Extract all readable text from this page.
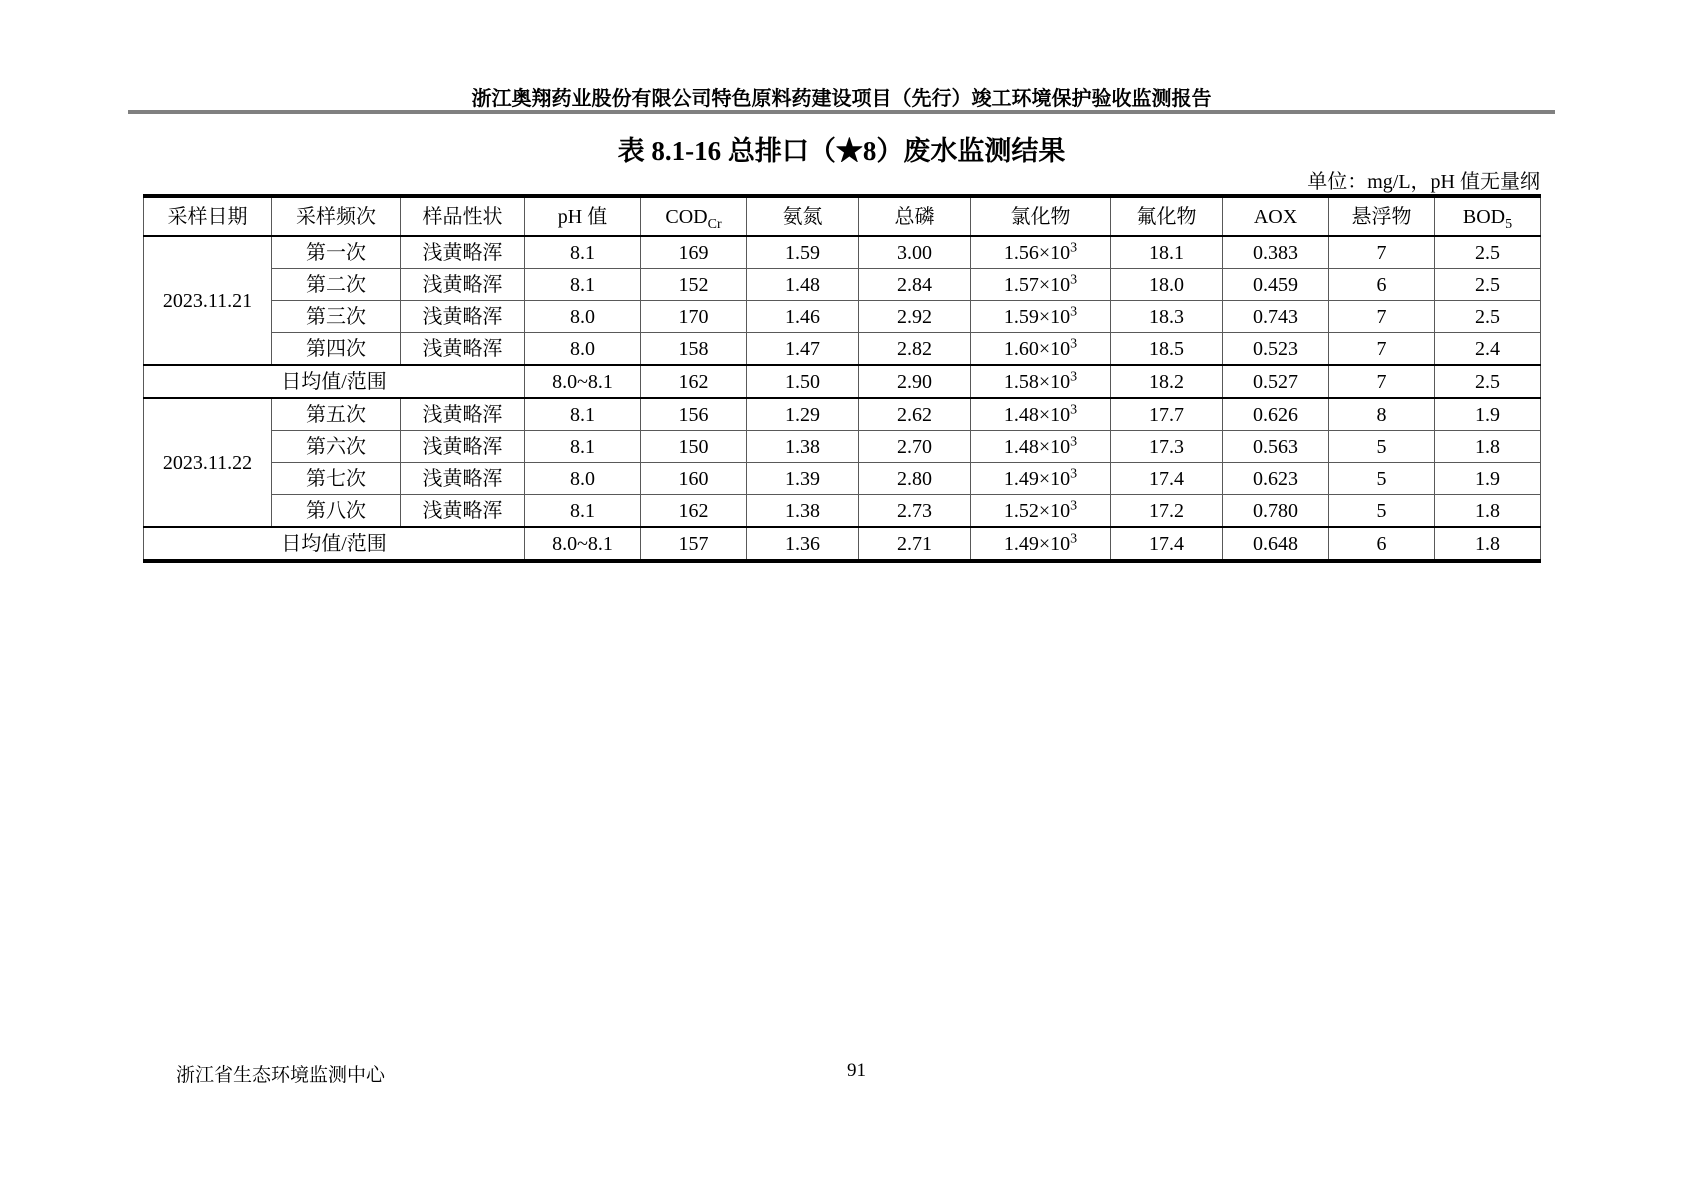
浙江奥翔药业股份有限公司特色原料药建设项目（先行）竣工环境保护验收监测报告
表 8.1-16 总排口（★8）废水监测结果
单位：mg/L，pH 值无量纲
采样日期	采样频次	样品性状	pH 值	$COD_{Cr}$	氨氮	总磷	氯化物	氟化物	AOX	悬浮物	$BOD_5$
2023.11.21	第一次	浅黄略浑	8.1	169	1.59	3.00	$1.56\times 10^3$	18.1	0.383	7	2.5
	第二次	浅黄略浑	8.1	152	1.48	2.84	$1.57\times 10^3$	18.0	0.459	6	2.5
	第三次	浅黄略浑	8.0	170	1.46	2.92	$1.59\times 10^3$	18.3	0.743	7	2.5
	第四次	浅黄略浑	8.0	158	1.47	2.82	$1.60\times 10^3$	18.5	0.523	7	2.4
日均值/范围			8.0~8.1	162	1.50	2.90	$1.58\times 10^3$	18.2	0.527	7	2.5
2023.11.22	第五次	浅黄略浑	8.1	156	1.29	2.62	$1.48\times 10^3$	17.7	0.626	8	1.9
	第六次	浅黄略浑	8.1	150	1.38	2.70	$1.48\times 10^3$	17.3	0.563	5	1.8
	第七次	浅黄略浑	8.0	160	1.39	2.80	$1.49\times 10^3$	17.4	0.623	5	1.9
	第八次	浅黄略浑	8.1	162	1.38	2.73	$1.52\times 10^3$	17.2	0.780	5	1.8
日均值/范围			8.0~8.1	157	1.36	2.71	$1.49\times 10^3$	17.4	0.648	6	1.8
浙江省生态环境监测中心	91
